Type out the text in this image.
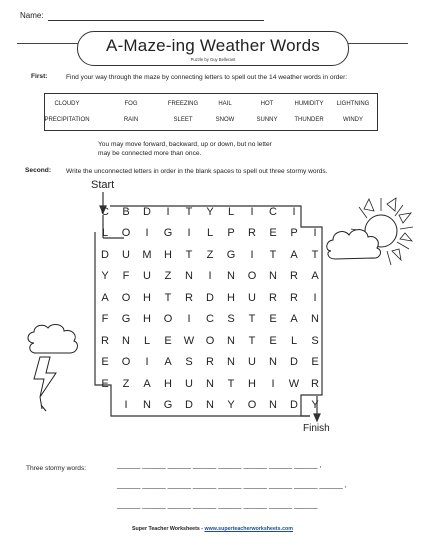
Name:
A-Maze-ing Weather Words
Puzzle by Guy Bellerant
First:	Find your way through the maze by connecting letters to spell out the 14 weather words in order:
CLOUDY	FOG	FREEZING	HAIL	HOT	HUMIDITY	LIGHTNING
PRECIPITATION	RAIN	SLEET	SNOW	SUNNY	THUNDER	WINDY
You may move forward, backward, up or down, but no letter
may be connected more than once.
Second: Write the unconnected letters in order in the blank spaces to spell out three stormy words.
Start
Finish
C	B	D	I	T	Y	L	I	C	I
L	O	I	G	I	L	P	R	E	P	I
D	U	M	H	T	Z	G	I	T	A	T
Y	F	U	Z	N	I	N	O	N	R	A
A	O	H	T	R	D	H	U	R	R	I
F	G	H	O	I	C	S	T	E	A	N
R	N	L	E	W	O	N	T	E	L	S
E	O	I	A	S	R	N	U	N	D	E
E	Z	A	H	U	N	T	H	I	W	R
I	N	G	D	N	Y	O	N	D	Y
Three stormy words:	______ ______ ______ ______ ______ ______ ______ ______ ,
______ ______ ______ ______ ______ ______ ______ ______ ______ ,
______ ______ ______ ______ ______ ______ ______ ______
Super Teacher Worksheets - www.superteacherworksheets.com
